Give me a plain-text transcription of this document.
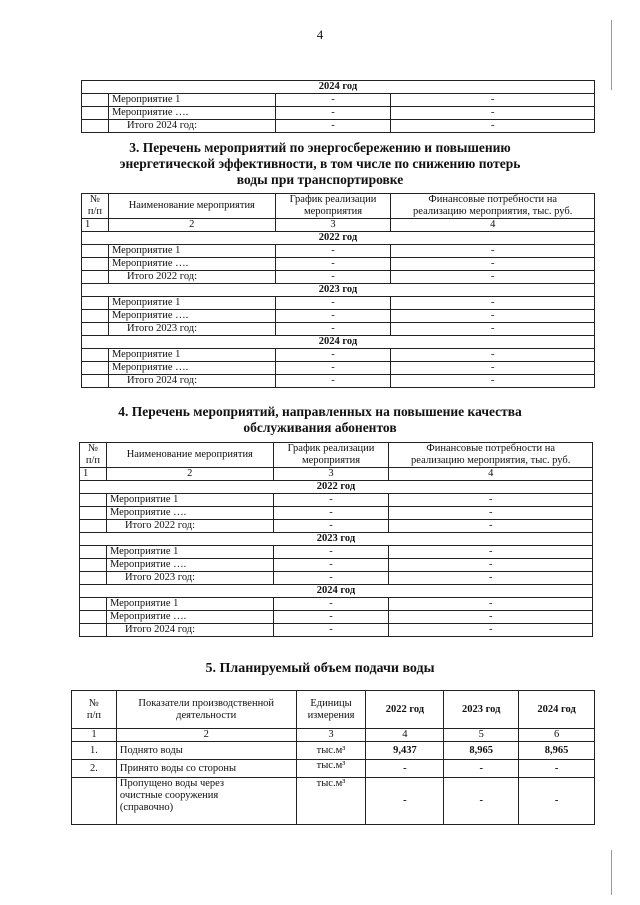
4
2024 год			
	Мероприятие 1	-	-
	Мероприятие ….	-	-
	Итого 2024 год:	-	-
3. Перечень мероприятий по энергосбережению и повышению
энергетической эффективности, в том числе по снижению потерь
воды при транспортировке
№
п/п	Наименование мероприятия	График реализации
мероприятия	Финансовые потребности на
реализацию мероприятия, тыс. руб.
1	2	3	4
2022 год			
	Мероприятие 1	-	-
	Мероприятие ….	-	-
	Итого 2022 год:	-	-
2023 год			
	Мероприятие 1	-	-
	Мероприятие ….	-	-
	Итого 2023 год:	-	-
2024 год			
	Мероприятие 1	-	-
	Мероприятие ….	-	-
	Итого 2024 год:	-	-
4. Перечень мероприятий, направленных на повышение качества
обслуживания абонентов
№
п/п	Наименование мероприятия	График реализации
мероприятия	Финансовые потребности на
реализацию мероприятия, тыс. руб.
1	2	3	4
2022 год			
	Мероприятие 1	-	-
	Мероприятие ….	-	-
	Итого 2022 год:	-	-
2023 год			
	Мероприятие 1	-	-
	Мероприятие ….	-	-
	Итого 2023 год:	-	-
2024 год			
	Мероприятие 1	-	-
	Мероприятие ….	-	-
	Итого 2024 год:	-	-
5. Планируемый объем подачи воды
№
п/п	Показатели производственной
деятельности	Единицы
измерения	2022 год	2023 год	2024 год
1	2	3	4	5	6
1.	Поднято воды	тыс.м³	9,437	8,965	8,965
2.	Принято воды со стороны	тыс.м³	-	-	-
	Пропущено воды через
очистные сооружения
(справочно)	тыс.м³	-	-	-
